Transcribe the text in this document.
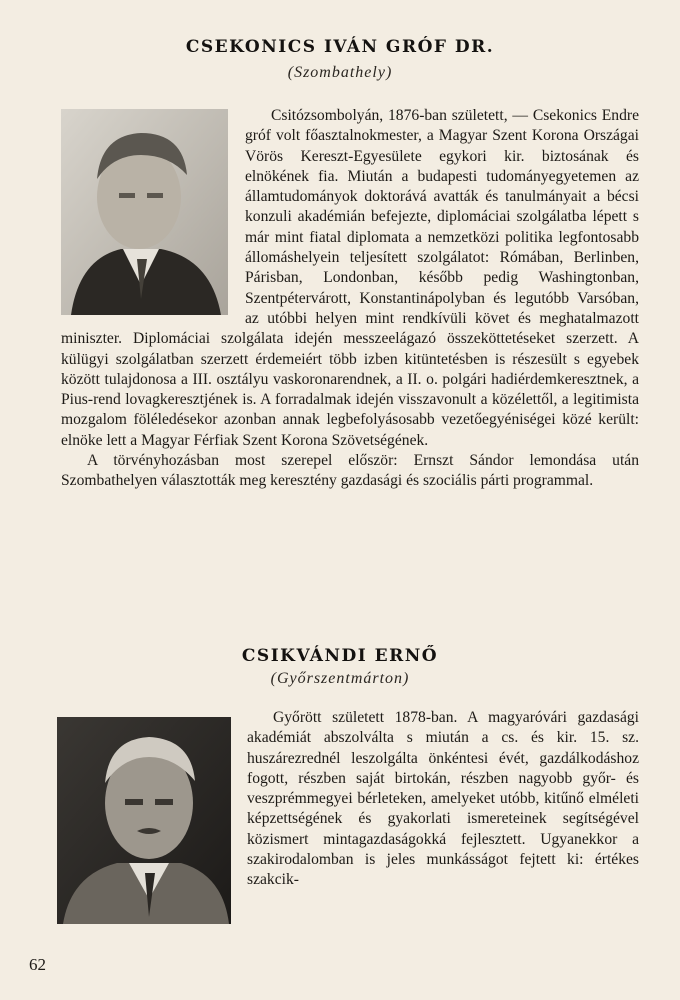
CSEKONICS IVÁN GRÓF DR.
(Szombathely)

Csitózsombolyán, 1876-ban született, — Csekonics Endre gróf volt főasztalnokmester, a Magyar Szent Korona Országai Vörös Kereszt-Egyesülete egykori kir. biztosának és elnökének fia. Miután a budapesti tudományegyetemen az államtudományok doktorává avatták és tanulmányait a bécsi konzuli akadémián befejezte, diplomáciai szolgálatba lépett s már mint fiatal diplomata a nemzetközi politika legfontosabb állomáshelyein teljesített szolgálatot: Rómában, Berlinben, Párisban, Londonban, később pedig Washingtonban, Szentpétervárott, Konstantinápolyban és legutóbb Varsóban, az utóbbi helyen mint rendkívüli követ és meghatalmazott miniszter. Diplomáciai szolgálata idején messzeelágazó összeköttetéseket szerzett. A külügyi szolgálatban szerzett érdemeiért több izben kitüntetésben is részesült s egyebek között tulajdonosa a III. osztályu vaskoronarendnek, a II. o. polgári hadiérdemkeresztnek, a Pius-rend lovagkeresztjének is. A forradalmak idején visszavonult a közélettől, a legitimista mozgalom föléledésekor azonban annak legbefolyásosabb vezetőegyéniségei közé került: elnöke lett a Magyar Férfiak Szent Korona Szövetségének.

A törvényhozásban most szerepel először: Ernszt Sándor lemondása után Szombathelyen választották meg keresztény gazdasági és szociális párti programmal.

CSIKVÁNDI ERNŐ
(Győrszentmárton)

Győrött született 1878-ban. A magyaróvári gazdasági akadémiát abszolválta s miután a cs. és kir. 15. sz. huszárezrednél leszolgálta önkéntesi évét, gazdálkodáshoz fogott, részben saját birtokán, részben nagyobb győr- és veszprémmegyei bérleteken, amelyeket utóbb, kitűnő elméleti képzettségének és gyakorlati ismereteinek segítségével közismert mintagazdaságokká fejlesztett. Ugyanekkor a szakirodalomban is jeles munkásságot fejtett ki: értékes szakcik-

62
